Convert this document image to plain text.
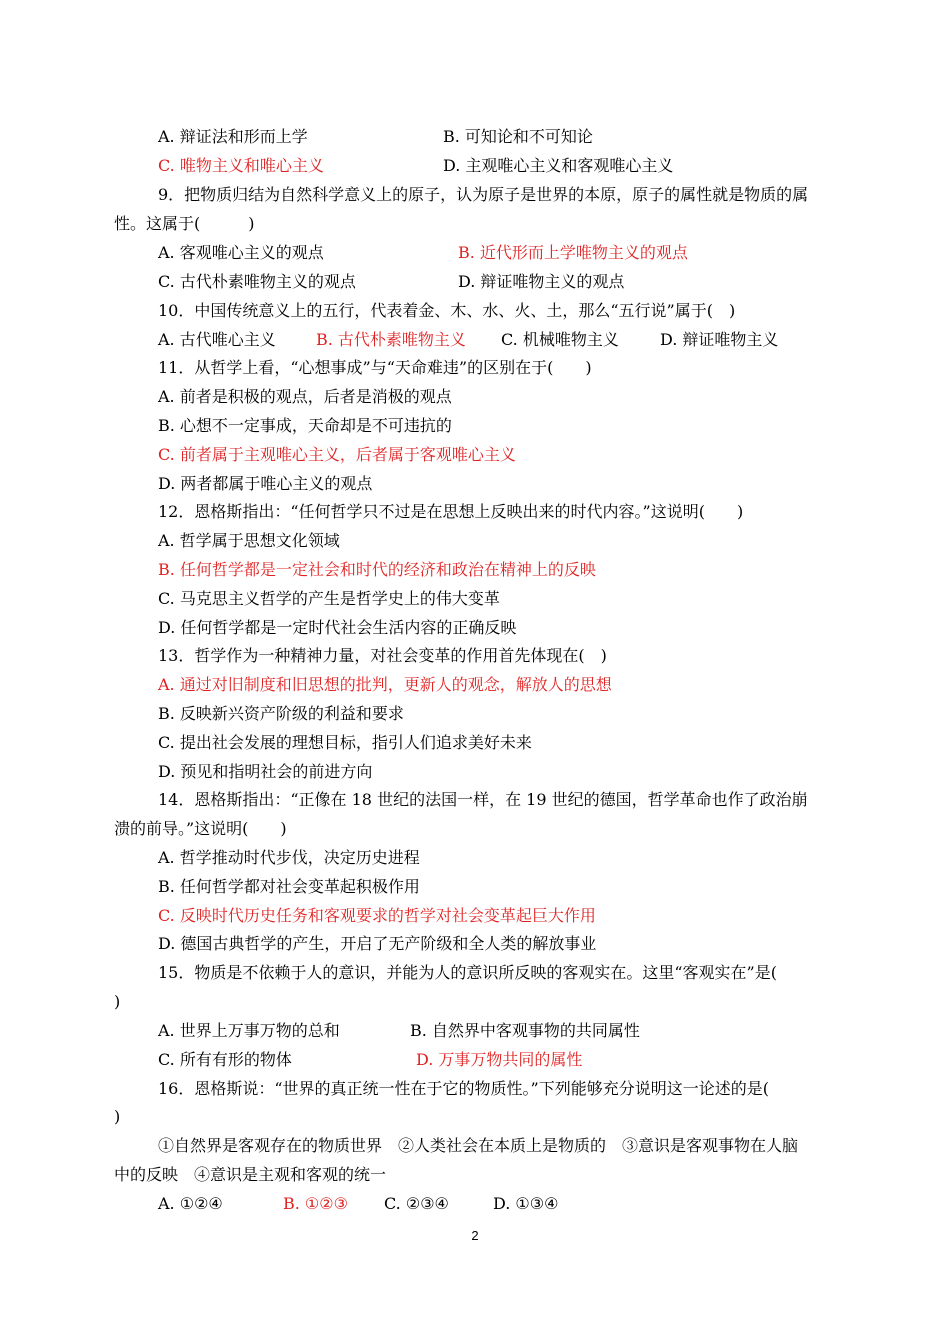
A. 辩证法和形而上学	B. 可知论和不可知论
C. 唯物主义和唯心主义	D. 主观唯心主义和客观唯心主义
9．把物质归结为自然科学意义上的原子，认为原子是世界的本原，原子的属性就是物质的属
性。这属于(　　　)
A. 客观唯心主义的观点	B. 近代形而上学唯物主义的观点
C. 古代朴素唯物主义的观点	D. 辩证唯物主义的观点
10．中国传统意义上的五行，代表着金、木、水、火、土，那么“五行说”属于(　)
A. 古代唯心主义	B. 古代朴素唯物主义 C. 机械唯物主义	D. 辩证唯物主义
11．从哲学上看，“心想事成”与“天命难违”的区别在于(　　)
A. 前者是积极的观点，后者是消极的观点
B. 心想不一定事成，天命却是不可违抗的
C. 前者属于主观唯心主义，后者属于客观唯心主义
D. 两者都属于唯心主义的观点
12．恩格斯指出：“任何哲学只不过是在思想上反映出来的时代内容。”这说明(　　)
A. 哲学属于思想文化领域
B. 任何哲学都是一定社会和时代的经济和政治在精神上的反映
C. 马克思主义哲学的产生是哲学史上的伟大变革
D. 任何哲学都是一定时代社会生活内容的正确反映
13．哲学作为一种精神力量，对社会变革的作用首先体现在(　)
A. 通过对旧制度和旧思想的批判，更新人的观念，解放人的思想
B. 反映新兴资产阶级的利益和要求
C. 提出社会发展的理想目标，指引人们追求美好未来
D. 预见和指明社会的前进方向
14．恩格斯指出：“正像在 18 世纪的法国一样，在 19 世纪的德国，哲学革命也作了政治崩
溃的前导。”这说明(　　)
A. 哲学推动时代步伐，决定历史进程
B. 任何哲学都对社会变革起积极作用
C. 反映时代历史任务和客观要求的哲学对社会变革起巨大作用
D. 德国古典哲学的产生，开启了无产阶级和全人类的解放事业
15．物质是不依赖于人的意识，并能为人的意识所反映的客观实在。这里“客观实在”是(
)
A. 世界上万事万物的总和	B. 自然界中客观事物的共同属性
C. 所有有形的物体	D. 万事万物共同的属性
16．恩格斯说：“世界的真正统一性在于它的物质性。”下列能够充分说明这一论述的是(
)
①自然界是客观存在的物质世界　②人类社会在本质上是物质的　③意识是客观事物在人脑
中的反映　④意识是主观和客观的统一
A. ①②④	B. ①②③ C. ②③④	D. ①③④
2
